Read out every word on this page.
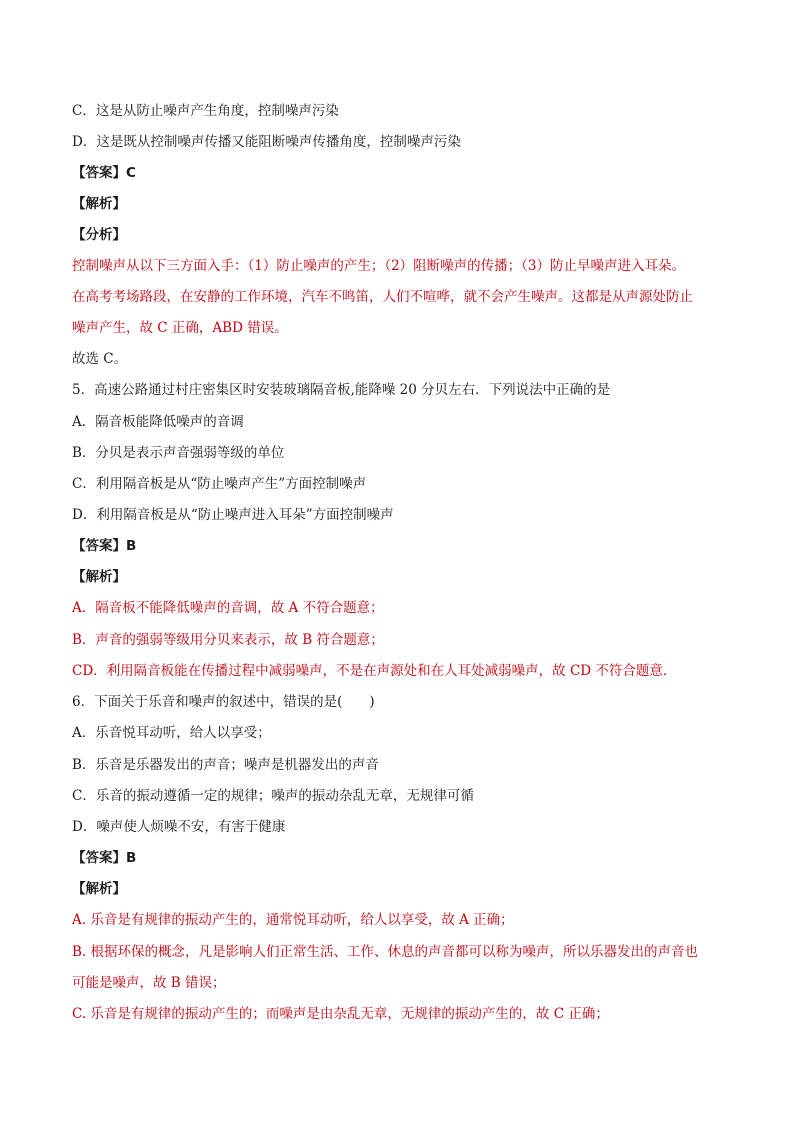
C．这是从防止噪声产生角度，控制噪声污染
D．这是既从控制噪声传播又能阻断噪声传播角度，控制噪声污染
【答案】C
【解析】
【分析】
控制噪声从以下三方面入手：（1）防止噪声的产生；（2）阻断噪声的传播；（3）防止早噪声进入耳朵。
在高考考场路段，在安静的工作环境，汽车不鸣笛，人们不喧哗，就不会产生噪声。这都是从声源处防止
噪声产生，故 C 正确，ABD 错误。
故选 C。
5．高速公路通过村庄密集区时安装玻璃隔音板,能降噪 20 分贝左右．下列说法中正确的是
A．隔音板能降低噪声的音调
B．分贝是表示声音强弱等级的单位
C．利用隔音板是从“防止噪声产生”方面控制噪声
D．利用隔音板是从“防止噪声进入耳朵”方面控制噪声
【答案】B
【解析】
A．隔音板不能降低噪声的音调，故 A 不符合题意；
B．声音的强弱等级用分贝来表示，故 B 符合题意；
CD．利用隔音板能在传播过程中减弱噪声，不是在声源处和在人耳处减弱噪声，故 CD 不符合题意．
6．下面关于乐音和噪声的叙述中，错误的是(　　)
A．乐音悦耳动听，给人以享受；
B．乐音是乐器发出的声音；噪声是机器发出的声音
C．乐音的振动遵循一定的规律；噪声的振动杂乱无章，无规律可循
D．噪声使人烦噪不安，有害于健康
【答案】B
【解析】
A. 乐音是有规律的振动产生的，通常悦耳动听，给人以享受，故 A 正确；
B. 根据环保的概念，凡是影响人们正常生活、工作、休息的声音都可以称为噪声，所以乐器发出的声音也
可能是噪声，故 B 错误；
C. 乐音是有规律的振动产生的；而噪声是由杂乱无章，无规律的振动产生的，故 C 正确；
